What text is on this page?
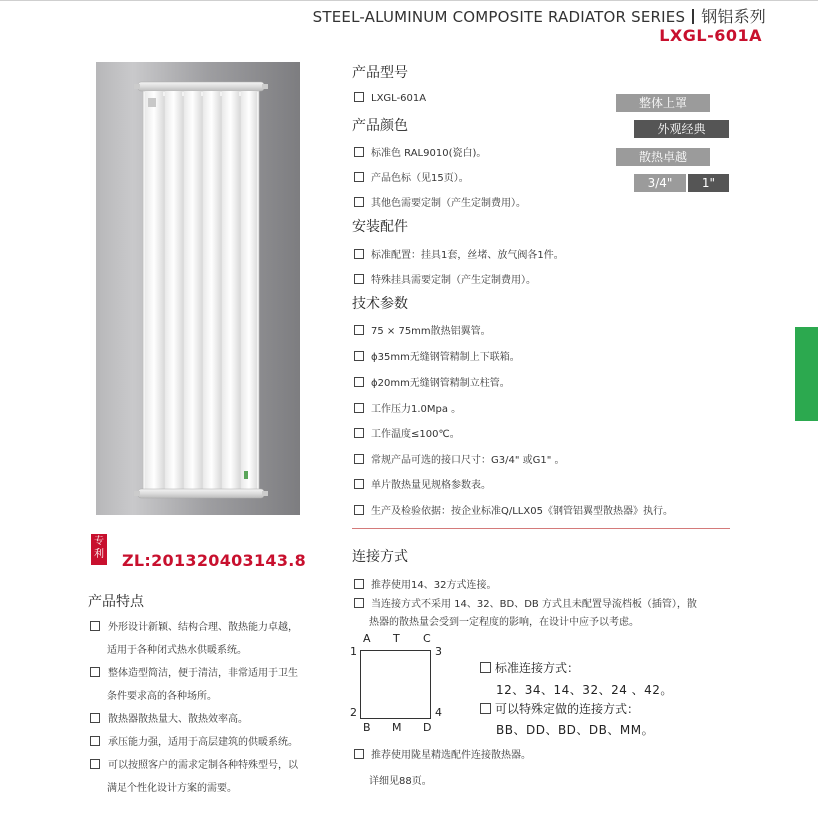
STEEL-ALUMINUM COMPOSITE RADIATOR SERIES 钢铝系列
LXGL-601A
产品型号
LXGL-601A
产品颜色
标准色 RAL9010(瓷白)。
产品色标（见15页）。
其他色需要定制（产生定制费用）。
整体上罩
外观经典
散热卓越
3/4"	1"
安装配件
标准配置：挂具1套，丝堵、放气阀各1件。
特殊挂具需要定制（产生定制费用）。
技术参数
75 × 75mm散热铝翼管。
ϕ35mm无缝钢管精制上下联箱。
ϕ20mm无缝钢管精制立柱管。
工作压力1.0Mpa 。
工作温度≤100℃。
常规产品可选的接口尺寸：G3/4" 或G1" 。
单片散热量见规格参数表。
生产及检验依据：按企业标准Q/LLX05《钢管铝翼型散热器》执行。
专利 ZL:201320403143.8
产品特点
外形设计新颖、结构合理、散热能力卓越，
适用于各种闭式热水供暖系统。
整体造型简洁，便于清洁，非常适用于卫生
条件要求高的各种场所。
散热器散热量大、散热效率高。
承压能力强，适用于高层建筑的供暖系统。
可以按照客户的需求定制各种特殊型号，以
满足个性化设计方案的需要。
连接方式
推荐使用14、32方式连接。
当连接方式不采用 14、32、BD、DB 方式且未配置导流档板（插管），散
热器的散热量会受到一定程度的影响，在设计中应予以考虑。
A T C
1	3
2	4
B M D
标准连接方式：
12、34、14、32、24 、42。
可以特殊定做的连接方式：
BB、DD、BD、DB、MM。
推荐使用陇星精选配件连接散热器。
详细见88页。
